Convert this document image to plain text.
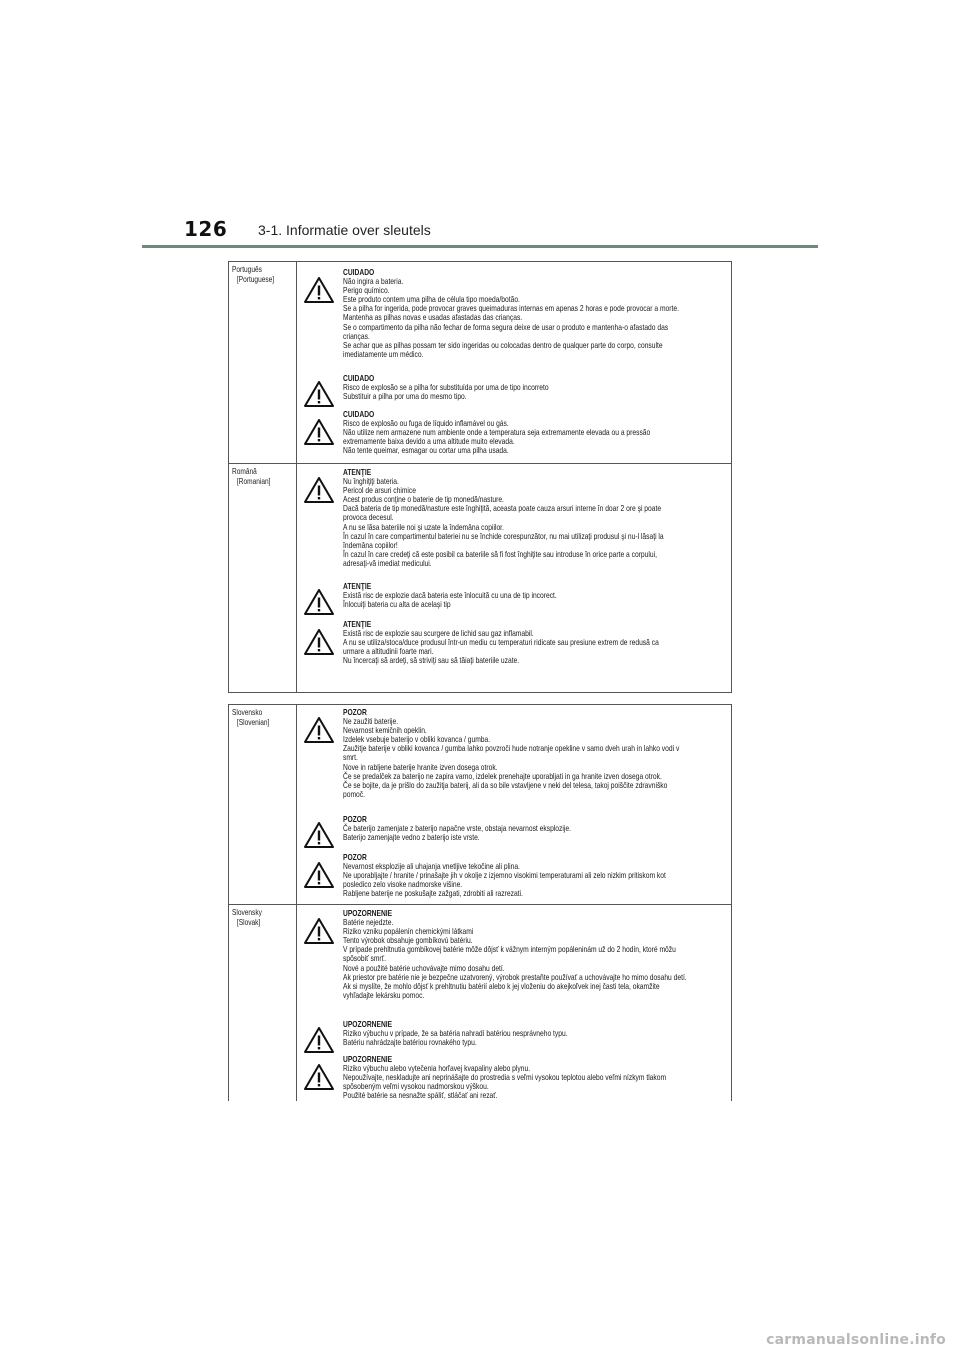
126 3-1. Informatie over sleutels
Português
[Portuguese]
CUIDADO
Não ingira a bateria.
Perigo químico.
Este produto contem uma pilha de célula tipo moeda/botão.
Se a pilha for ingerida, pode provocar graves queimaduras internas em apenas 2 horas e pode provocar a morte.
Mantenha as pilhas novas e usadas afastadas das crianças.
Se o compartimento da pilha não fechar de forma segura deixe de usar o produto e mantenha-o afastado das
crianças.
Se achar que as pilhas possam ter sido ingeridas ou colocadas dentro de qualquer parte do corpo, consulte
imediatamente um médico.
CUIDADO
Risco de explosão se a pilha for substituída por uma de tipo incorreto
Substituir a pilha por uma do mesmo tipo.
CUIDADO
Risco de explosão ou fuga de líquido inflamável ou gás.
Não utilize nem armazene num ambiente onde a temperatura seja extremamente elevada ou a pressão
extremamente baixa devido a uma altitude muito elevada.
Não tente queimar, esmagar ou cortar uma pilha usada.
Română
[Romanian]
ATENŢIE
Nu înghiţiţi bateria.
Pericol de arsuri chimice
Acest produs conţine o baterie de tip monedă/nasture.
Dacă bateria de tip monedă/nasture este înghiţită, aceasta poate cauza arsuri interne în doar 2 ore şi poate
provoca decesul.
A nu se lăsa bateriile noi şi uzate la îndemâna copiilor.
În cazul în care compartimentul bateriei nu se închide corespunzător, nu mai utilizaţi produsul şi nu-l lăsaţi la
îndemâna copiilor!
În cazul în care credeţi că este posibil ca bateriile să fi fost înghiţite sau introduse în orice parte a corpului,
adresaţi-vă imediat medicului.
ATENŢIE
Există risc de explozie dacă bateria este înlocuită cu una de tip incorect.
Înlocuiţi bateria cu alta de acelaşi tip
ATENŢIE
Există risc de explozie sau scurgere de lichid sau gaz inflamabil.
A nu se utiliza/stoca/duce produsul într-un mediu cu temperaturi ridicate sau presiune extrem de redusă ca
urmare a altitudinii foarte mari.
Nu încercaţi să ardeţi, să striviţi sau să tăiaţi bateriile uzate.
Slovensko
[Slovenian]
POZOR
Ne zaužiti baterije.
Nevarnost kemičnih opeklin.
Izdelek vsebuje baterijo v obliki kovanca / gumba.
Zaužitje baterije v obliki kovanca / gumba lahko povzroči hude notranje opekline v samo dveh urah in lahko vodi v
smrt.
Nove in rabljene baterije hranite izven dosega otrok.
Če se predalček za baterijo ne zapira varno, izdelek prenehajte uporabljati in ga hranite izven dosega otrok.
Če se bojite, da je prišlo do zaužitja baterij, ali da so bile vstavljene v neki del telesa, takoj poiščite zdravniško
pomoč.
POZOR
Če baterijo zamenjate z baterijo napačne vrste, obstaja nevarnost eksplozije.
Baterijo zamenjajte vedno z baterijo iste vrste.
POZOR
Nevarnost eksplozije ali uhajanja vnetljive tekočine ali plina.
Ne uporabljajte / hranite / prinašajte jih v okolje z izjemno visokimi temperaturami ali zelo nizkim pritiskom kot
posledico zelo visoke nadmorske višine.
Rabljene baterije ne poskušajte zažgati, zdrobiti ali razrezati.
Slovensky
[Slovak]
UPOZORNENIE
Batérie nejedzte.
Riziko vzniku popálenín chemickými látkami
Tento výrobok obsahuje gombíkovú batériu.
V prípade prehltnutia gombíkovej batérie môže dôjsť k vážnym interným popáleninám už do 2 hodín, ktoré môžu
spôsobiť smrť.
Nové a použité batérie uchovávajte mimo dosahu detí.
Ak priestor pre batérie nie je bezpečne uzatvorený, výrobok prestaňte používať a uchovávajte ho mimo dosahu detí.
Ak si myslíte, že mohlo dôjsť k prehltnutiu batérií alebo k jej vloženiu do akejkoľvek inej časti tela, okamžite
vyhľadajte lekársku pomoc.
UPOZORNENIE
Riziko výbuchu v prípade, že sa batéria nahradí batériou nesprávneho typu.
Batériu nahrádzajte batériou rovnakého typu.
UPOZORNENIE
Riziko výbuchu alebo vytečenia horľavej kvapaliny alebo plynu.
Nepoužívajte, neskladujte ani neprinášajte do prostredia s veľmi vysokou teplotou alebo veľmi nízkym tlakom
spôsobeným veľmi vysokou nadmorskou výškou.
Použité batérie sa nesnažte spáliť, stláčať ani rezať.
carmanualsonline.info
